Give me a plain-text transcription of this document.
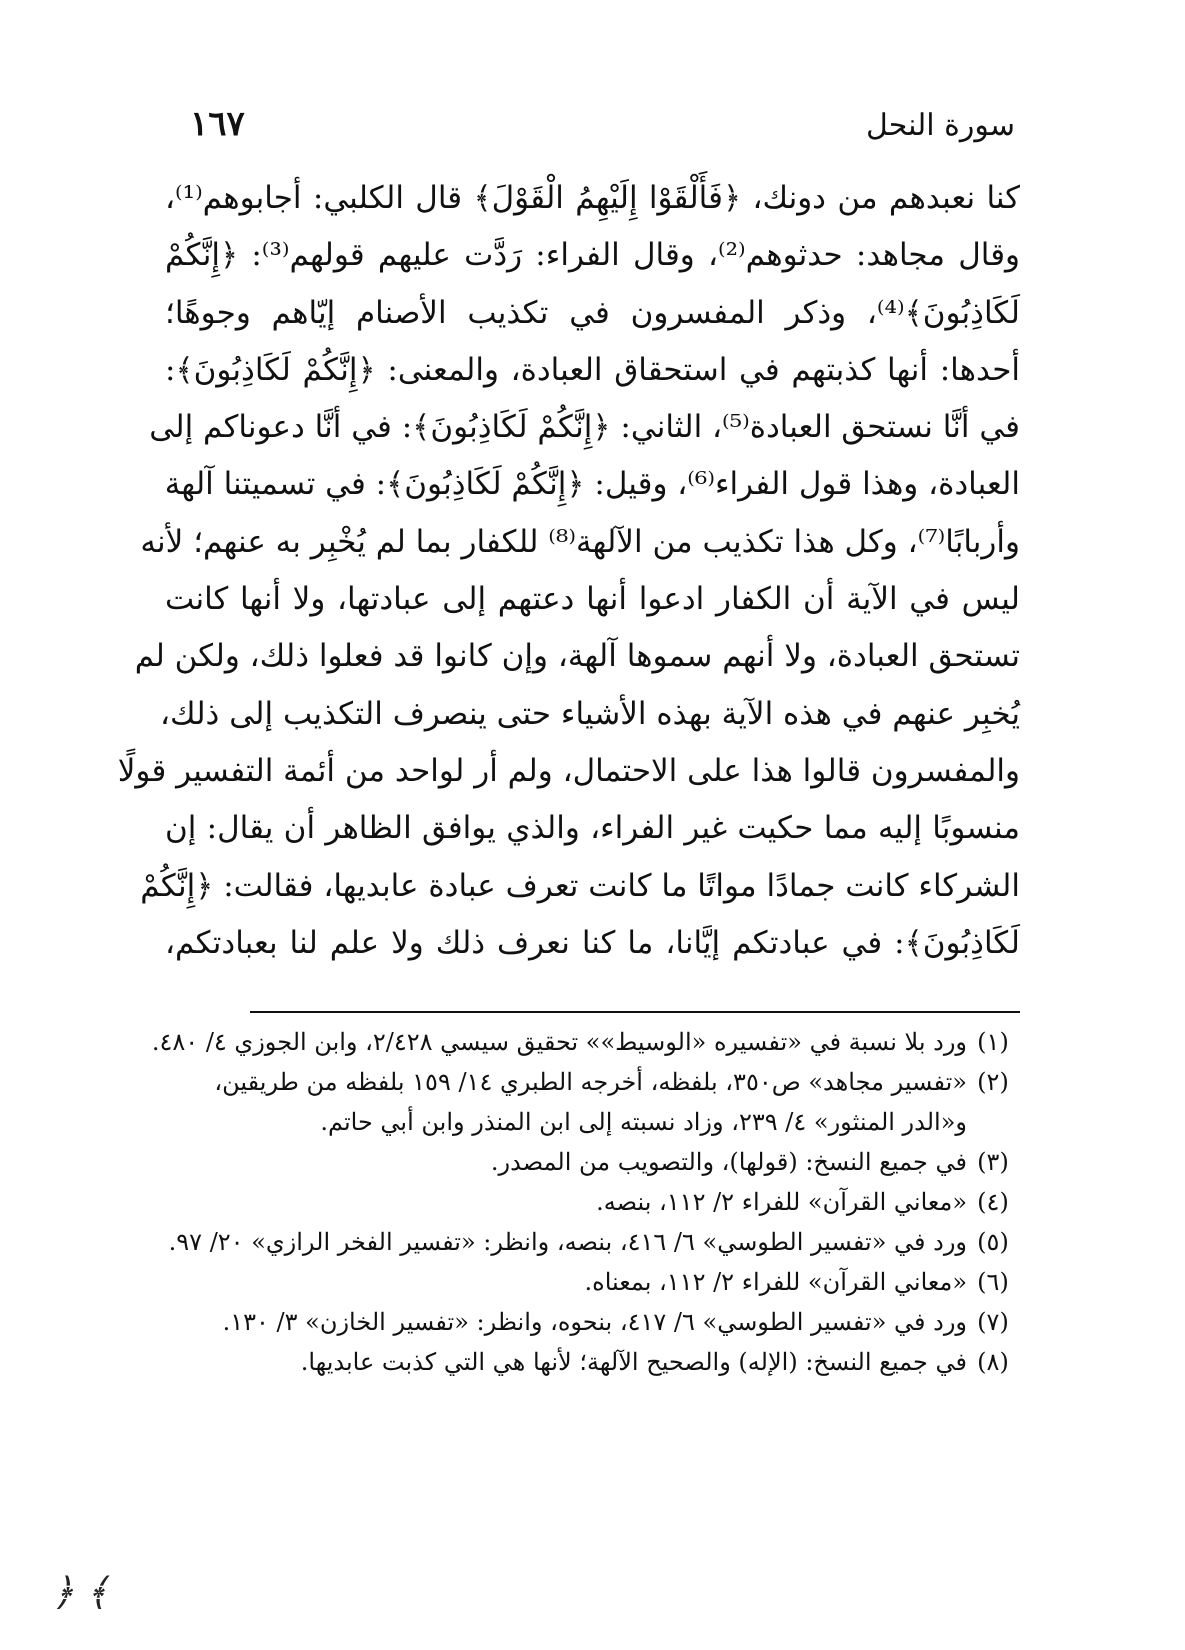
سورة النحل
١٦٧
كنا نعبدهم من دونك، ﴿فَأَلْقَوْا إِلَيْهِمُ الْقَوْلَ﴾ قال الكلبي: أجابوهم⁽¹⁾،
وقال مجاهد: حدثوهم⁽²⁾، وقال الفراء: رَدَّت عليهم قولهم⁽³⁾: ﴿إِنَّكُمْ
لَكَاذِبُونَ﴾⁽⁴⁾، وذكر المفسرون في تكذيب الأصنام إيّاهم وجوهًا؛
أحدها: أنها كذبتهم في استحقاق العبادة، والمعنى: ﴿إِنَّكُمْ لَكَاذِبُونَ﴾:
في أنَّا نستحق العبادة⁽⁵⁾، الثاني: ﴿إِنَّكُمْ لَكَاذِبُونَ﴾: في أنَّا دعوناكم إلى
العبادة، وهذا قول الفراء⁽⁶⁾، وقيل: ﴿إِنَّكُمْ لَكَاذِبُونَ﴾: في تسميتنا آلهة
وأربابًا⁽⁷⁾، وكل هذا تكذيب من الآلهة⁽⁸⁾ للكفار بما لم يُخْبِر به عنهم؛ لأنه
ليس في الآية أن الكفار ادعوا أنها دعتهم إلى عبادتها، ولا أنها كانت
تستحق العبادة، ولا أنهم سموها آلهة، وإن كانوا قد فعلوا ذلك، ولكن لم
يُخبِر عنهم في هذه الآية بهذه الأشياء حتى ينصرف التكذيب إلى ذلك،
والمفسرون قالوا هذا على الاحتمال، ولم أر لواحد من أئمة التفسير قولًا
منسوبًا إليه مما حكيت غير الفراء، والذي يوافق الظاهر أن يقال: إن
الشركاء كانت جمادًا مواتًا ما كانت تعرف عبادة عابديها، فقالت: ﴿إِنَّكُمْ
لَكَاذِبُونَ﴾: في عبادتكم إيَّانا، ما كنا نعرف ذلك ولا علم لنا بعبادتكم،
(١)
ورد بلا نسبة في «تفسيره «الوسيط»» تحقيق سيسي ٢/٤٢٨، وابن الجوزي ٤/ ٤٨٠.
(٢)
«تفسير مجاهد» ص٣٥٠، بلفظه، أخرجه الطبري ١٤/ ١٥٩ بلفظه من طريقين،
و«الدر المنثور» ٤/ ٢٣٩، وزاد نسبته إلى ابن المنذر وابن أبي حاتم.
(٣)
في جميع النسخ: (قولها)، والتصويب من المصدر.
(٤)
«معاني القرآن» للفراء ٢/ ١١٢، بنصه.
(٥)
ورد في «تفسير الطوسي» ٦/ ٤١٦، بنصه، وانظر: «تفسير الفخر الرازي» ٢٠/ ٩٧.
(٦)
«معاني القرآن» للفراء ٢/ ١١٢، بمعناه.
(٧)
ورد في «تفسير الطوسي» ٦/ ٤١٧، بنحوه، وانظر: «تفسير الخازن» ٣/ ١٣٠.
(٨)
في جميع النسخ: (الإله) والصحيح الآلهة؛ لأنها هي التي كذبت عابديها.
﴾ ﴿
